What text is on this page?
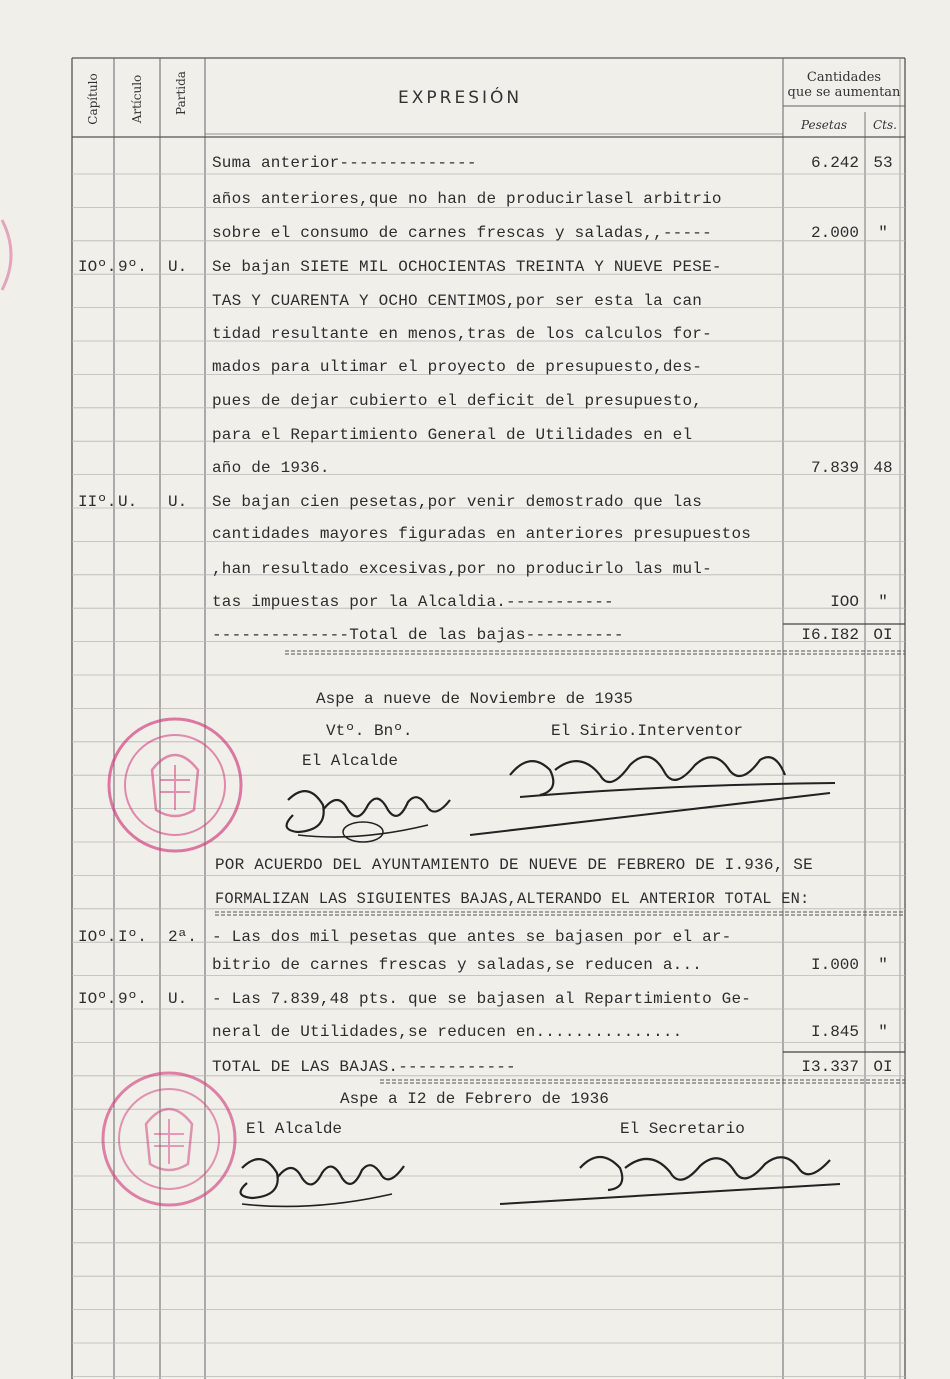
Capítulo	Artículo	Partida	EXPRESIÓN
Cantidades
que se aumentan
Pesetas	Cts.
Suma anterior--------------	6.242 53
años anteriores,que no han de producirlasel arbitrio
sobre el consumo de carnes frescas y saladas,,-----	2.000	"
IOº. 9º. U. Se bajan SIETE MIL OCHOCIENTAS TREINTA Y NUEVE PESE-
TAS Y CUARENTA Y OCHO CENTIMOS,por ser esta la can
tidad resultante en menos,tras de los calculos for-
mados para ultimar el proyecto de presupuesto,des-
pues de dejar cubierto el deficit del presupuesto,
para el Repartimiento General de Utilidades en el
año de 1936.	7.839 48
IIº. U. U. Se bajan cien pesetas,por venir demostrado que las
cantidades mayores figuradas en anteriores presupuestos
,han resultado excesivas,por no producirlo las mul-
tas impuestas por la Alcaldia.-----------	IOO	"
--------------Total de las bajas----------	I6.I82 OI
Aspe a nueve de Noviembre de 1935
Vtº. Bnº.	El Sirio.Interventor
El Alcalde
POR ACUERDO DEL AYUNTAMIENTO DE NUEVE DE FEBRERO DE I.936, SE
FORMALIZAN LAS SIGUIENTES BAJAS,ALTERANDO EL ANTERIOR TOTAL EN:
IOº. Iº. 2ª. - Las dos mil pesetas que antes se bajasen por el ar-
bitrio de carnes frescas y saladas,se reducen a...	I.000	"
IOº. 9º. U. - Las 7.839,48 pts. que se bajasen al Repartimiento Ge-
neral de Utilidades,se reducen en...............	I.845	"
TOTAL DE LAS BAJAS.------------	I3.337 OI
Aspe a I2 de Febrero de 1936
El Alcalde	El Secretario
